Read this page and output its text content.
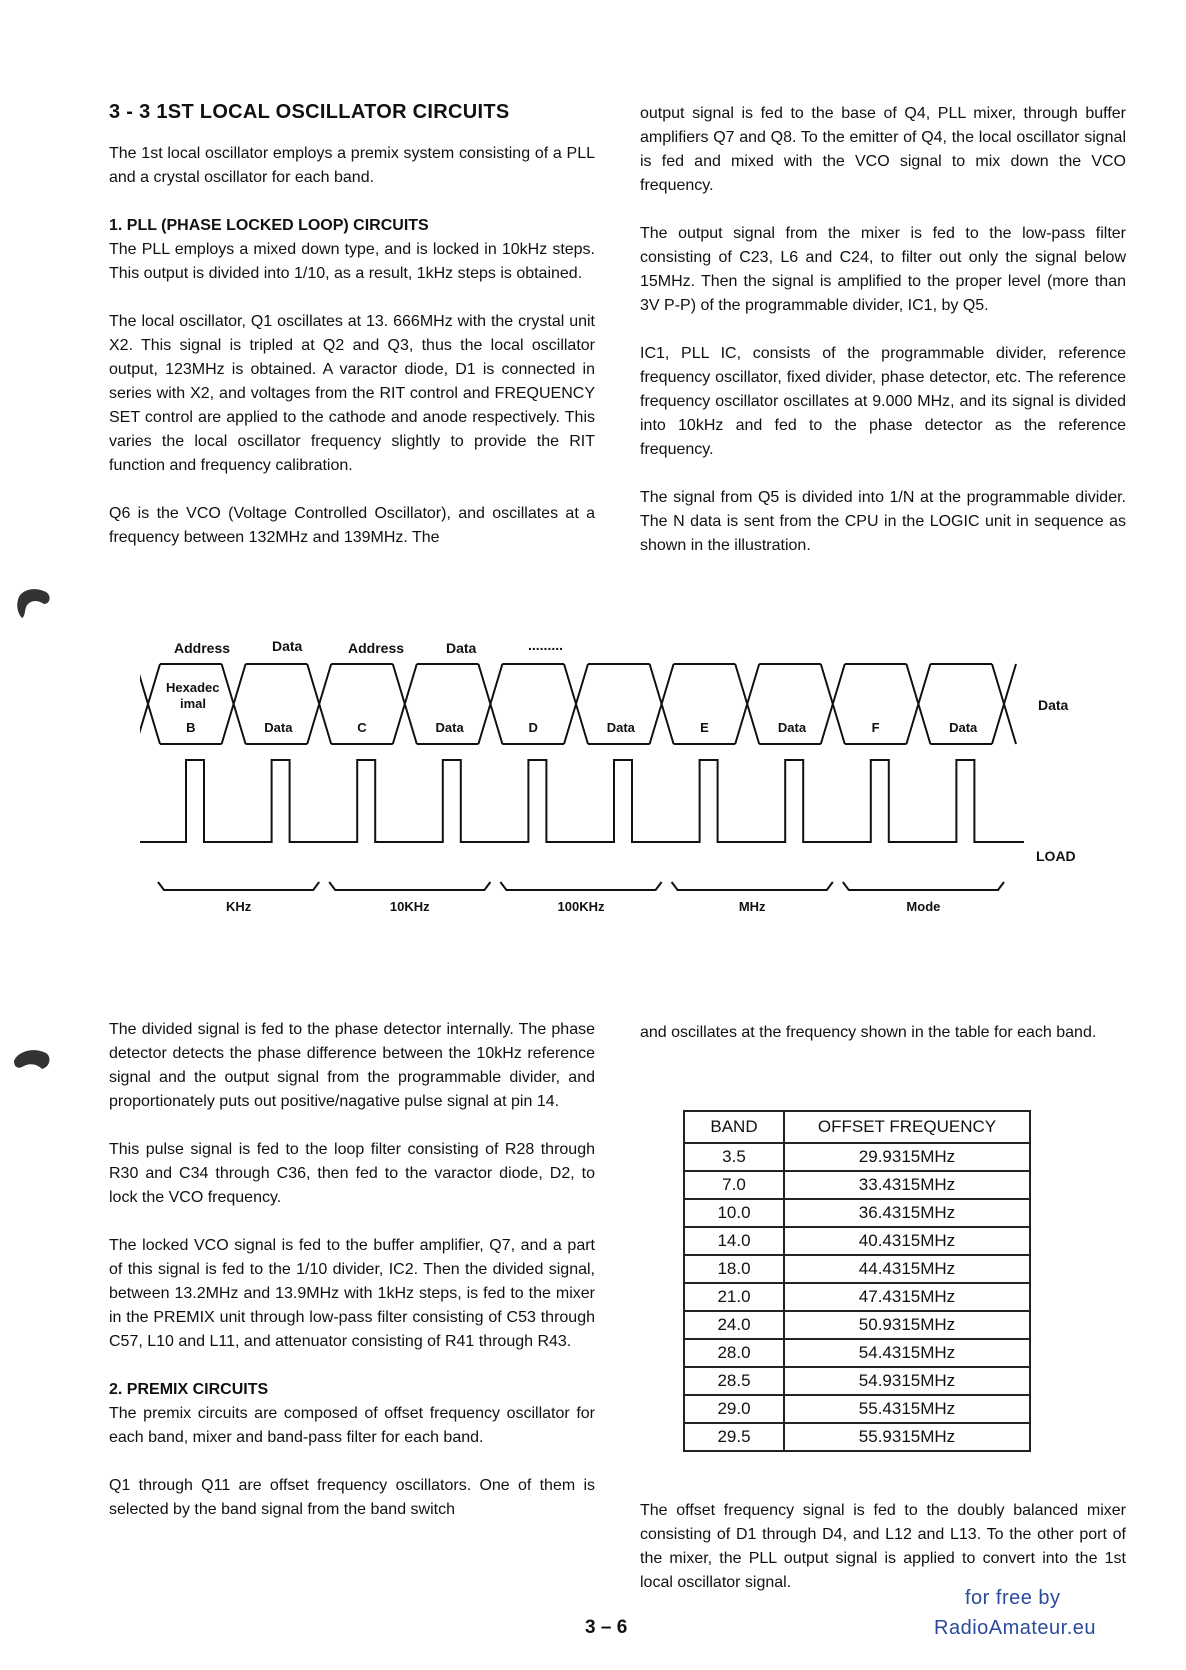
3 - 3 1ST LOCAL OSCILLATOR CIRCUITS

The 1st local oscillator employs a premix system consisting of a PLL and a crystal oscillator for each band.

1. PLL (PHASE LOCKED LOOP) CIRCUITS

The PLL employs a mixed down type, and is locked in 10kHz steps. This output is divided into 1/10, as a result, 1kHz steps is obtained.

The local oscillator, Q1 oscillates at 13. 666MHz with the crystal unit X2. This signal is tripled at Q2 and Q3, thus the local oscillator output, 123MHz is obtained. A varactor diode, D1 is connected in series with X2, and voltages from the RIT control and FREQUENCY SET control are applied to the cathode and anode respectively. This varies the local oscillator frequency slightly to provide the RIT function and frequency calibration.

Q6 is the VCO (Voltage Controlled Oscillator), and oscillates at a frequency between 132MHz and 139MHz. The

output signal is fed to the base of Q4, PLL mixer, through buffer amplifiers Q7 and Q8. To the emitter of Q4, the local oscillator signal is fed and mixed with the VCO signal to mix down the VCO frequency.

The output signal from the mixer is fed to the low-pass filter consisting of C23, L6 and C24, to filter out only the signal below 15MHz. Then the signal is amplified to the proper level (more than 3V P-P) of the programmable divider, IC1, by Q5.

IC1, PLL IC, consists of the programmable divider, reference frequency oscillator, fixed divider, phase detector, etc. The reference frequency oscillator oscillates at 9.000 MHz, and its signal is divided into 10kHz and fed to the phase detector as the reference frequency.

The signal from Q5 is divided into 1/N at the programmable divider. The N data is sent from the CPU in the LOGIC unit in sequence as shown in the illustration.

Address	Data	Address	Data	.........
B	Data	C	Data	D	Data	E	Data	F	Data
Hexadec
imal	Data
LOAD
KHz	10KHz	100KHz	MHz	Mode

The divided signal is fed to the phase detector internally. The phase detector detects the phase difference between the 10kHz reference signal and the output signal from the programmable divider, and proportionately puts out positive/nagative pulse signal at pin 14.

This pulse signal is fed to the loop filter consisting of R28 through R30 and C34 through C36, then fed to the varactor diode, D2, to lock the VCO frequency.

The locked VCO signal is fed to the buffer amplifier, Q7, and a part of this signal is fed to the 1/10 divider, IC2. Then the divided signal, between 13.2MHz and 13.9MHz with 1kHz steps, is fed to the mixer in the PREMIX unit through low-pass filter consisting of C53 through C57, L10 and L11, and attenuator consisting of R41 through R43.

2. PREMIX CIRCUITS

The premix circuits are composed of offset frequency oscillator for each band, mixer and band-pass filter for each band.

Q1 through Q11 are offset frequency oscillators. One of them is selected by the band signal from the band switch

and oscillates at the frequency shown in the table for each band.

BAND	OFFSET FREQUENCY
3.5	29.9315MHz
7.0	33.4315MHz
10.0	36.4315MHz
14.0	40.4315MHz
18.0	44.4315MHz
21.0	47.4315MHz
24.0	50.9315MHz
28.0	54.4315MHz
28.5	54.9315MHz
29.0	55.4315MHz
29.5	55.9315MHz

The offset frequency signal is fed to the doubly balanced mixer consisting of D1 through D4, and L12 and L13. To the other port of the mixer, the PLL output signal is applied to convert into the 1st local oscillator signal.

3 – 6
for free by
RadioAmateur.eu
